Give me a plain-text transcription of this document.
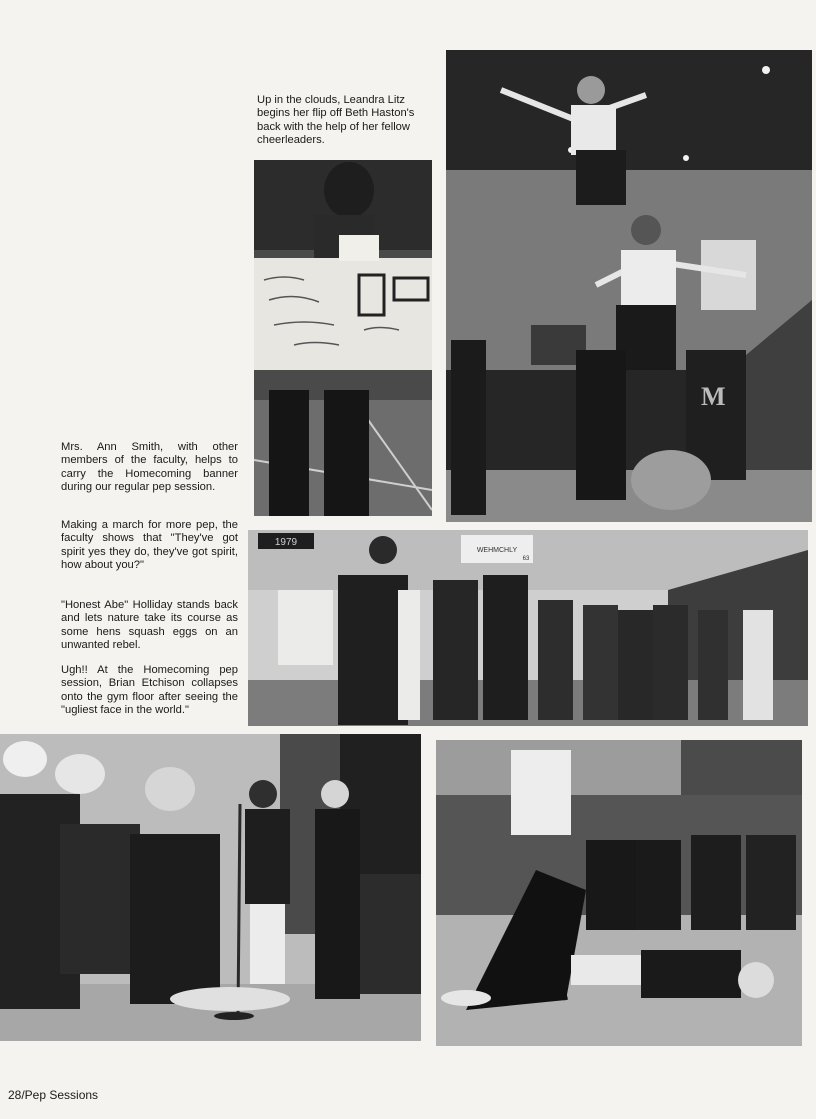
Up in the clouds, Leandra Litz begins her flip off Beth Haston's back with the help of her fellow cheerleaders.

Mrs. Ann Smith, with other members of the faculty, helps to carry the Homecoming banner during our regular pep session.

Making a march for more pep, the faculty shows that "They've got spirit yes they do, they've got spirit, how about you?"

"Honest Abe" Holliday stands back and lets nature take its course as some hens squash eggs on an unwanted rebel.

Ugh!! At the Homecoming pep session, Brian Etchison collapses onto the gym floor after seeing the "ugliest face in the world."

M
1979
WEHMCHLY
63
28/Pep Sessions
